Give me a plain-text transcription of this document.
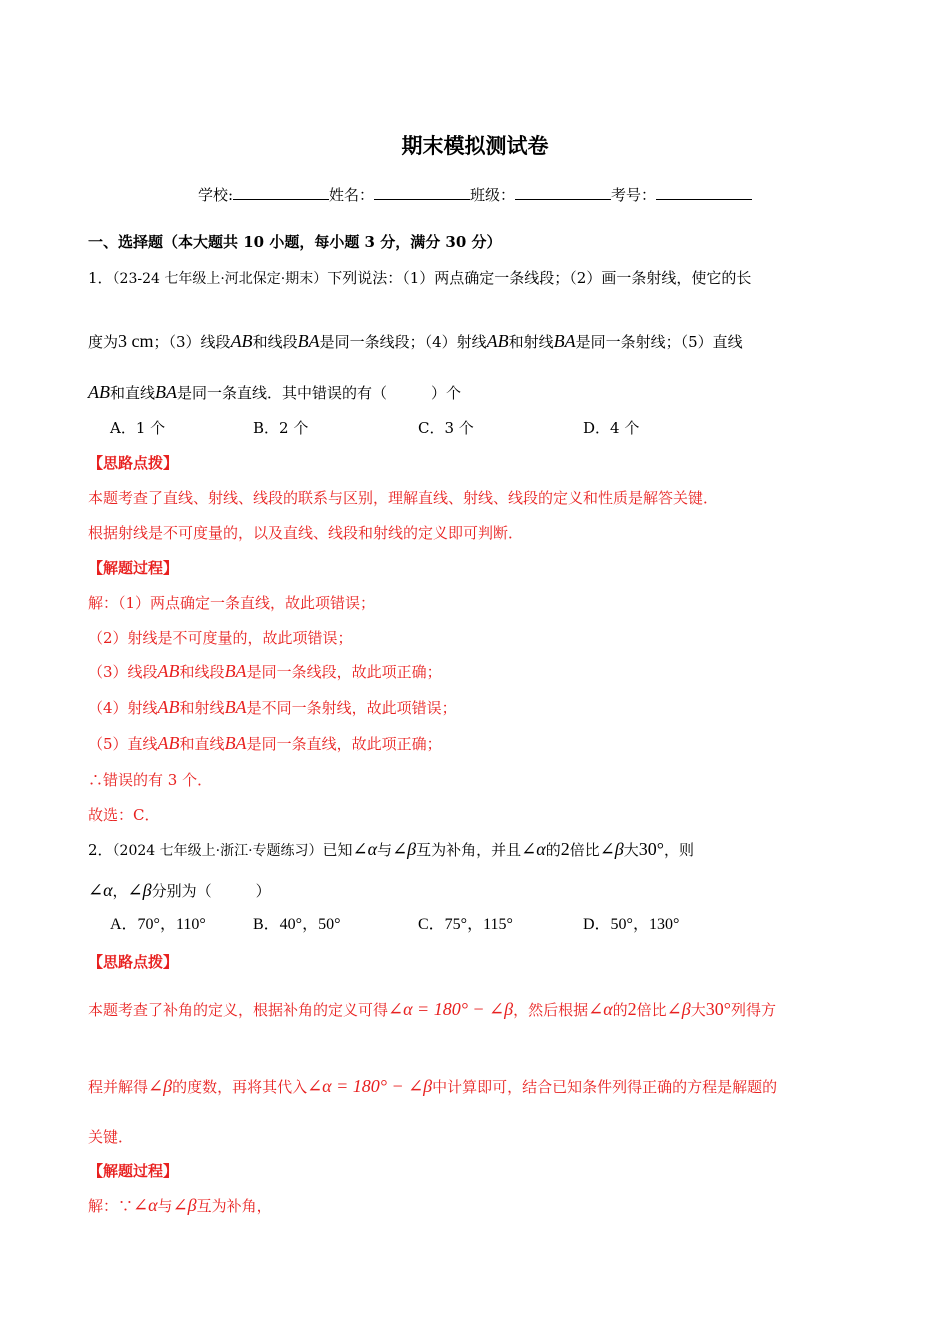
期末模拟测试卷
学校:	姓名：	班级：	考号：
一、选择题（本大题共 10 小题，每小题 3 分，满分 30 分）
1．（23-24 七年级上·河北保定·期末）下列说法：（1）两点确定一条线段；（2）画一条射线，使它的长
度为3 cm；（3）线段AB和线段BA是同一条线段；（4）射线AB和射线BA是同一条射线；（5）直线
AB和直线BA是同一条直线．其中错误的有（	）个
A．1 个	B．2 个	C．3 个	D．4 个
【思路点拨】
本题考查了直线、射线、线段的联系与区别，理解直线、射线、线段的定义和性质是解答关键．
根据射线是不可度量的，以及直线、线段和射线的定义即可判断．
【解题过程】
解：（1）两点确定一条直线，故此项错误；
（2）射线是不可度量的，故此项错误；
（3）线段AB和线段BA是同一条线段，故此项正确；
（4）射线AB和射线BA是不同一条射线，故此项错误；
（5）直线AB和直线BA是同一条直线，故此项正确；
∴错误的有 3 个．
故选：C．
2．（2024 七年级上·浙江·专题练习）已知∠α与∠β互为补角，并且∠α的2倍比∠β大30°，则
∠α，∠β分别为（	）
A．70°，110°	B．40°，50°	C．75°，115°	D．50°，130°
【思路点拨】
本题考查了补角的定义，根据补角的定义可得∠α = 180° − ∠β，然后根据∠α的2倍比∠β大30°列得方
程并解得∠β的度数，再将其代入∠α = 180° − ∠β中计算即可，结合已知条件列得正确的方程是解题的
关键．
【解题过程】
解：∵∠α与∠β互为补角，
